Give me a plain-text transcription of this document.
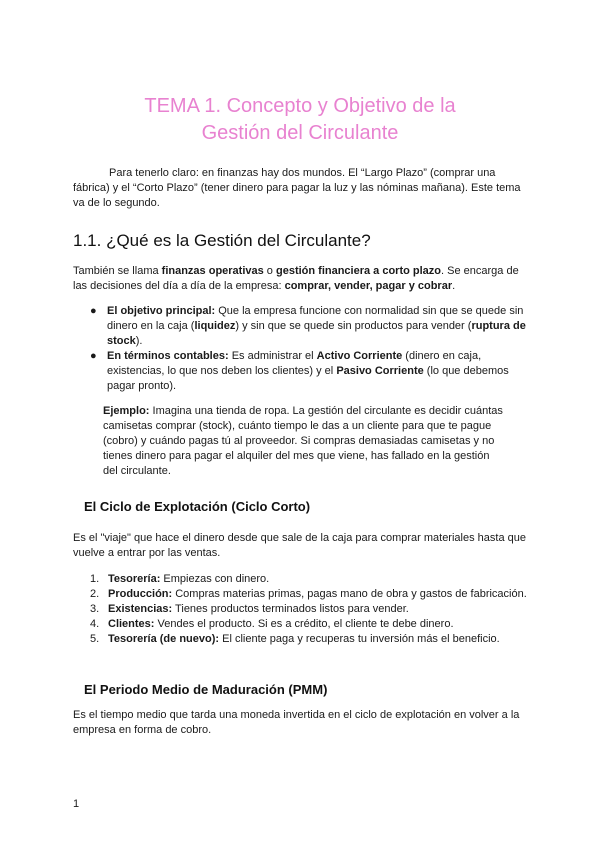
TEMA 1. Concepto y Objetivo de la
Gestión del Circulante

Para tenerlo claro: en finanzas hay dos mundos. El “Largo Plazo” (comprar una fábrica) y el “Corto Plazo” (tener dinero para pagar la luz y las nóminas mañana). Este tema va de lo segundo.

1.1. ¿Qué es la Gestión del Circulante?

También se llama finanzas operativas o gestión financiera a corto plazo. Se encarga de las decisiones del día a día de la empresa: comprar, vender, pagar y cobrar.

● El objetivo principal: Que la empresa funcione con normalidad sin que se quede sin dinero en la caja (liquidez) y sin que se quede sin productos para vender (ruptura de stock).
● En términos contables: Es administrar el Activo Corriente (dinero en caja, existencias, lo que nos deben los clientes) y el Pasivo Corriente (lo que debemos pagar pronto).

Ejemplo: Imagina una tienda de ropa. La gestión del circulante es decidir cuántas camisetas comprar (stock), cuánto tiempo le das a un cliente para que te pague (cobro) y cuándo pagas tú al proveedor. Si compras demasiadas camisetas y no tienes dinero para pagar el alquiler del mes que viene, has fallado en la gestión del circulante.

El Ciclo de Explotación (Ciclo Corto)

Es el "viaje" que hace el dinero desde que sale de la caja para comprar materiales hasta que vuelve a entrar por las ventas.

1. Tesorería: Empiezas con dinero.
2. Producción: Compras materias primas, pagas mano de obra y gastos de fabricación.
3. Existencias: Tienes productos terminados listos para vender.
4. Clientes: Vendes el producto. Si es a crédito, el cliente te debe dinero.
5. Tesorería (de nuevo): El cliente paga y recuperas tu inversión más el beneficio.
El Periodo Medio de Maduración (PMM)

Es el tiempo medio que tarda una moneda invertida en el ciclo de explotación en volver a la empresa en forma de cobro.

1
